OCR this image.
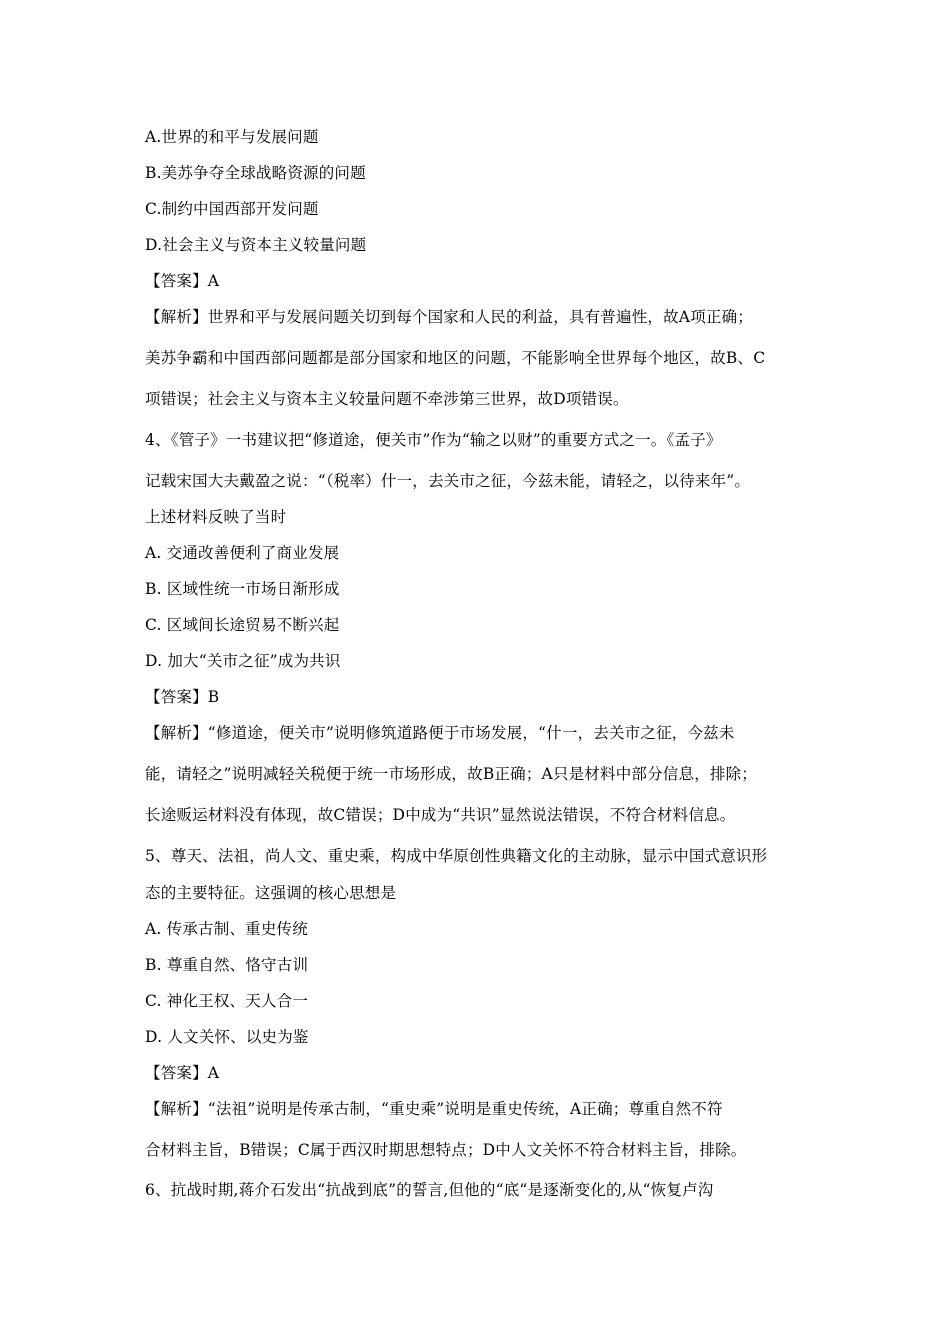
A.世界的和平与发展问题
B.美苏争夺全球战略资源的问题
C.制约中国西部开发问题
D.社会主义与资本主义较量问题
【答案】A
【解析】世界和平与发展问题关切到每个国家和人民的利益，具有普遍性，故A项正确；
美苏争霸和中国西部问题都是部分国家和地区的问题，不能影响全世界每个地区，故B、C
项错误；社会主义与资本主义较量问题不牵涉第三世界，故D项错误。
4、《管子》一书建议把“修道途，便关市”作为“输之以财”的重要方式之一。《孟子》
记载宋国大夫戴盈之说：“（税率）什一，去关市之征，今兹未能，请轻之，以待来年”。
上述材料反映了当时
A. 交通改善便利了商业发展
B. 区域性统一市场日渐形成
C. 区域间长途贸易不断兴起
D. 加大“关市之征”成为共识
【答案】B
【解析】“修道途，便关市”说明修筑道路便于市场发展，“什一，去关市之征，今兹未
能，请轻之”说明减轻关税便于统一市场形成，故B正确；A只是材料中部分信息，排除；
长途贩运材料没有体现，故C错误；D中成为“共识”显然说法错误，不符合材料信息。
5、尊天、法祖，尚人文、重史乘，构成中华原创性典籍文化的主动脉，显示中国式意识形
态的主要特征。这强调的核心思想是
A. 传承古制、重史传统
B. 尊重自然、恪守古训
C. 神化王权、天人合一
D. 人文关怀、以史为鉴
【答案】A
【解析】“法祖”说明是传承古制，“重史乘”说明是重史传统，A正确；尊重自然不符
合材料主旨，B错误；C属于西汉时期思想特点；D中人文关怀不符合材料主旨，排除。
6、抗战时期,蒋介石发出“抗战到底”的誓言,但他的“底“是逐渐变化的,从“恢复卢沟
